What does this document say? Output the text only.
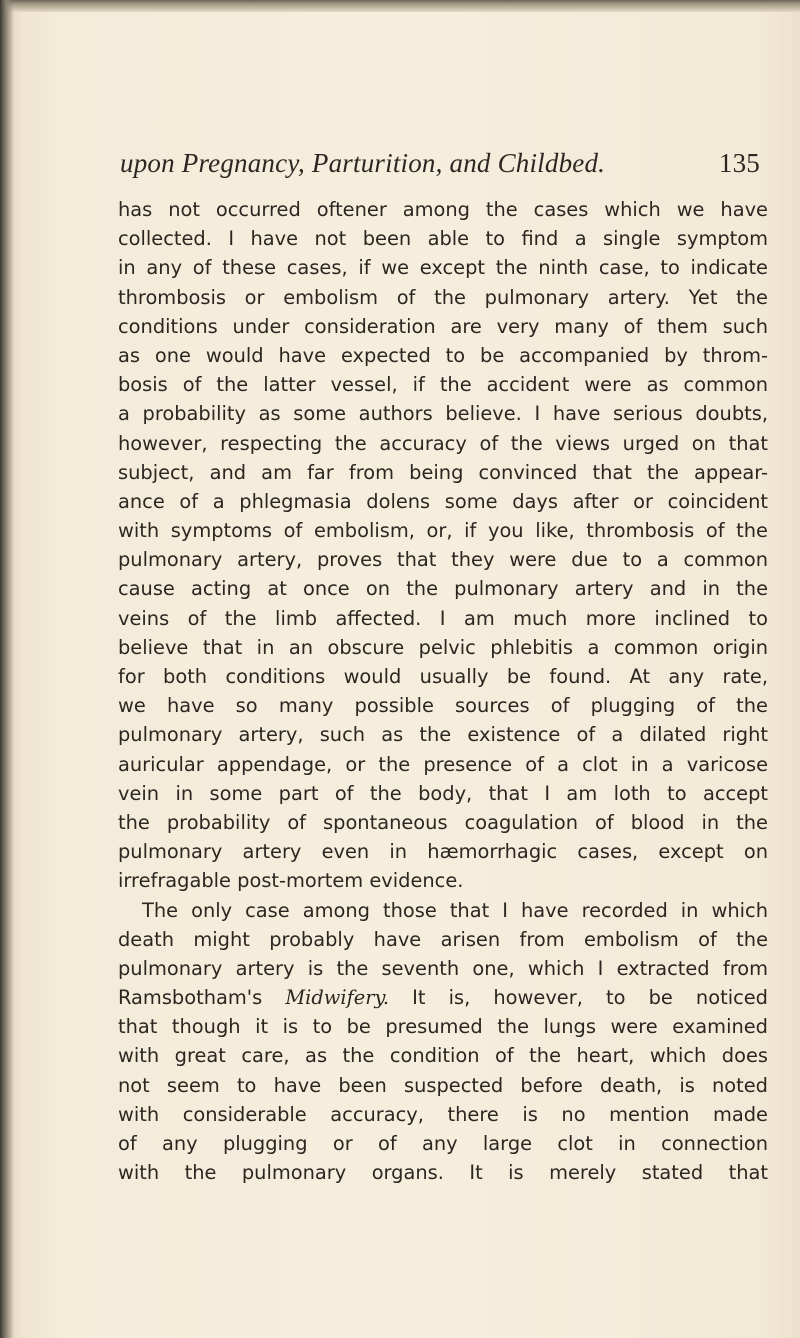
upon Pregnancy, Parturition, and Childbed.	135
has not occurred oftener among the cases which we have
collected. I have not been able to find a single symptom
in any of these cases, if we except the ninth case, to indicate
thrombosis or embolism of the pulmonary artery. Yet the
conditions under consideration are very many of them such
as one would have expected to be accompanied by throm-
bosis of the latter vessel, if the accident were as common
a probability as some authors believe. I have serious doubts,
however, respecting the accuracy of the views urged on that
subject, and am far from being convinced that the appear-
ance of a phlegmasia dolens some days after or coincident
with symptoms of embolism, or, if you like, thrombosis of the
pulmonary artery, proves that they were due to a common
cause acting at once on the pulmonary artery and in the
veins of the limb affected. I am much more inclined to
believe that in an obscure pelvic phlebitis a common origin
for both conditions would usually be found. At any rate,
we have so many possible sources of plugging of the
pulmonary artery, such as the existence of a dilated right
auricular appendage, or the presence of a clot in a varicose
vein in some part of the body, that I am loth to accept
the probability of spontaneous coagulation of blood in the
pulmonary artery even in hæmorrhagic cases, except on
irrefragable post-mortem evidence.
The only case among those that I have recorded in which
death might probably have arisen from embolism of the
pulmonary artery is the seventh one, which I extracted from
Ramsbotham's Midwifery. It is, however, to be noticed
that though it is to be presumed the lungs were examined
with great care, as the condition of the heart, which does
not seem to have been suspected before death, is noted
with considerable accuracy, there is no mention made
of any plugging or of any large clot in connection
with the pulmonary organs. It is merely stated that
